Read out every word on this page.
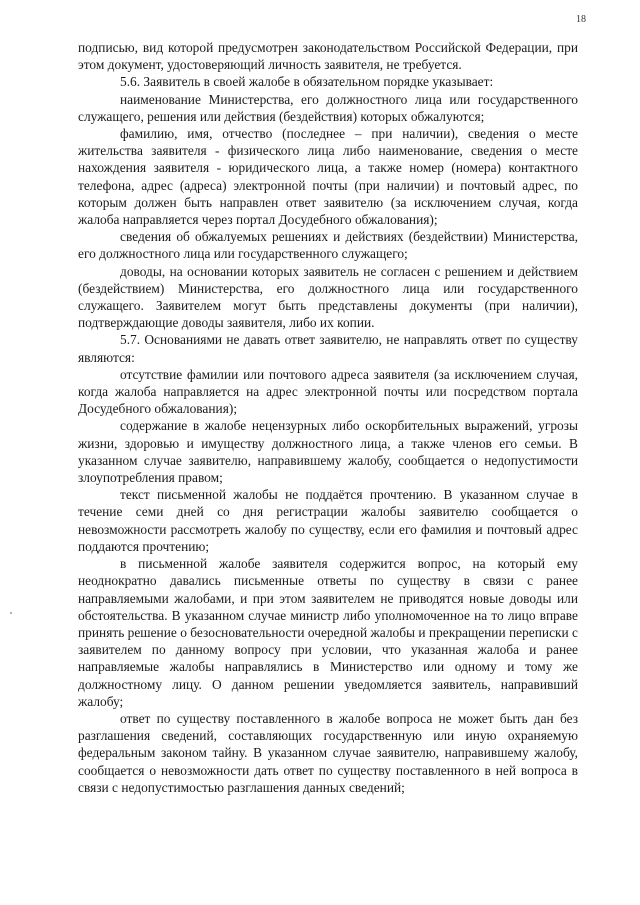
18

подписью, вид которой предусмотрен законодательством Российской Федерации, при этом документ, удостоверяющий личность заявителя, не требуется.

5.6. Заявитель в своей жалобе в обязательном порядке указывает:

наименование Министерства, его должностного лица или государственного служащего, решения или действия (бездействия) которых обжалуются;

фамилию, имя, отчество (последнее – при наличии), сведения о месте жительства заявителя - физического лица либо наименование, сведения о месте нахождения заявителя - юридического лица, а также номер (номера) контактного телефона, адрес (адреса) электронной почты (при наличии) и почтовый адрес, по которым должен быть направлен ответ заявителю (за исключением случая, когда жалоба направляется через портал Досудебного обжалования);

сведения об обжалуемых решениях и действиях (бездействии) Министерства, его должностного лица или государственного служащего;

доводы, на основании которых заявитель не согласен с решением и действием (бездействием) Министерства, его должностного лица или государственного служащего. Заявителем могут быть представлены документы (при наличии), подтверждающие доводы заявителя, либо их копии.

5.7. Основаниями не давать ответ заявителю, не направлять ответ по существу являются:

отсутствие фамилии или почтового адреса заявителя (за исключением случая, когда жалоба направляется на адрес электронной почты или посредством портала Досудебного обжалования);

содержание в жалобе нецензурных либо оскорбительных выражений, угрозы жизни, здоровью и имуществу должностного лица, а также членов его семьи. В указанном случае заявителю, направившему жалобу, сообщается о недопустимости злоупотребления правом;

текст письменной жалобы не поддаётся прочтению. В указанном случае в течение семи дней со дня регистрации жалобы заявителю сообщается о невозможности рассмотреть жалобу по существу, если его фамилия и почтовый адрес поддаются прочтению;

в письменной жалобе заявителя содержится вопрос, на который ему неоднократно давались письменные ответы по существу в связи с ранее направляемыми жалобами, и при этом заявителем не приводятся новые доводы или обстоятельства. В указанном случае министр либо уполномоченное на то лицо вправе принять решение о безосновательности очередной жалобы и прекращении переписки с заявителем по данному вопросу при условии, что указанная жалоба и ранее направляемые жалобы направлялись в Министерство или одному и тому же должностному лицу. О данном решении уведомляется заявитель, направивший жалобу;

ответ по существу поставленного в жалобе вопроса не может быть дан без разглашения сведений, составляющих государственную или иную охраняемую федеральным законом тайну. В указанном случае заявителю, направившему жалобу, сообщается о невозможности дать ответ по существу поставленного в ней вопроса в связи с недопустимостью разглашения данных сведений;
